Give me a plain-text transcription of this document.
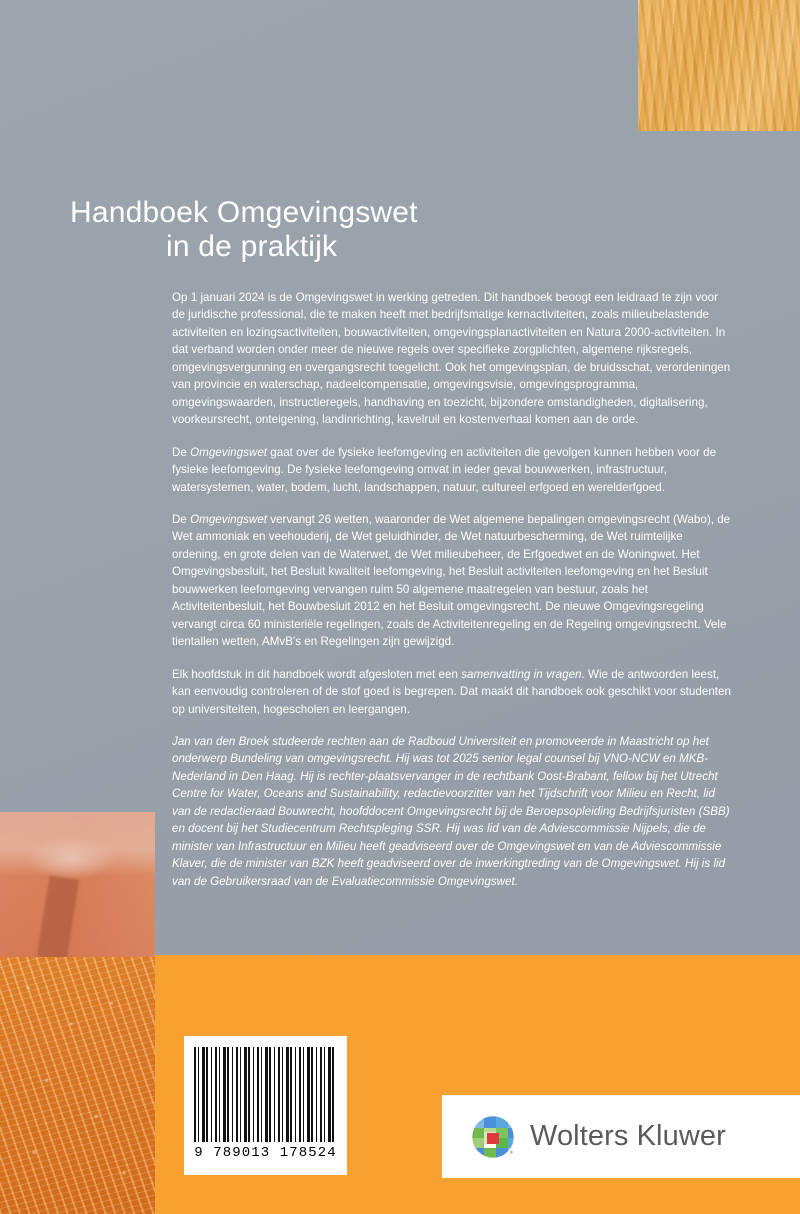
Handboek Omgevingswet
in de praktijk

Op 1 januari 2024 is de Omgevingswet in werking getreden. Dit handboek beoogt een leidraad te zijn voor de juridische professional, die te maken heeft met bedrijfsmatige kernactiviteiten, zoals milieubelastende activiteiten en lozingsactiviteiten, bouwactiviteiten, omgevingsplanactiviteiten en Natura 2000-activiteiten. In dat verband worden onder meer de nieuwe regels over specifieke zorgplichten, algemene rijksregels, omgevingsvergunning en overgangsrecht toegelicht. Ook het omgevingsplan, de bruidsschat, verordeningen van provincie en waterschap, nadeelcompensatie, omgevingsvisie, omgevingsprogramma, omgevingswaarden, instructieregels, handhaving en toezicht, bijzondere omstandigheden, digitalisering, voorkeursrecht, onteigening, landinrichting, kavelruil en kostenverhaal komen aan de orde.

De Omgevingswet gaat over de fysieke leefomgeving en activiteiten die gevolgen kunnen hebben voor de fysieke leefomgeving. De fysieke leefomgeving omvat in ieder geval bouwwerken, infrastructuur, watersystemen, water, bodem, lucht, landschappen, natuur, cultureel erfgoed en werelderfgoed.

De Omgevingswet vervangt 26 wetten, waaronder de Wet algemene bepalingen omgevingsrecht (Wabo), de Wet ammoniak en veehouderij, de Wet geluidhinder, de Wet natuurbescherming, de Wet ruimtelijke ordening, en grote delen van de Waterwet, de Wet milieubeheer, de Erfgoedwet en de Woningwet. Het Omgevingsbesluit, het Besluit kwaliteit leefomgeving, het Besluit activiteiten leefomgeving en het Besluit bouwwerken leefomgeving vervangen ruim 50 algemene maatregelen van bestuur, zoals het Activiteitenbesluit, het Bouwbesluit 2012 en het Besluit omgevingsrecht. De nieuwe Omgevingsregeling vervangt circa 60 ministeriële regelingen, zoals de Activiteitenregeling en de Regeling omgevingsrecht. Vele tientallen wetten, AMvB's en Regelingen zijn gewijzigd.

Elk hoofdstuk in dit handboek wordt afgesloten met een samenvatting in vragen. Wie de antwoorden leest, kan eenvoudig controleren of de stof goed is begrepen. Dat maakt dit handboek ook geschikt voor studenten op universiteiten, hogescholen en leergangen.

Jan van den Broek studeerde rechten aan de Radboud Universiteit en promoveerde in Maastricht op het onderwerp Bundeling van omgevingsrecht. Hij was tot 2025 senior legal counsel bij VNO-NCW en MKB-Nederland in Den Haag. Hij is rechter-plaatsvervanger in de rechtbank Oost-Brabant, fellow bij het Utrecht Centre for Water, Oceans and Sustainability, redactievoorzitter van het Tijdschrift voor Milieu en Recht, lid van de redactieraad Bouwrecht, hoofddocent Omgevingsrecht bij de Beroepsopleiding Bedrijfsjuristen (SBB) en docent bij het Studiecentrum Rechtspleging SSR. Hij was lid van de Adviescommissie Nijpels, die de minister van Infrastructuur en Milieu heeft geadviseerd over de Omgevingswet en van de Adviescommissie Klaver, die de minister van BZK heeft geadviseerd over de inwerkingtreding van de Omgevingswet. Hij is lid van de Gebruikersraad van de Evaluatiecommissie Omgevingswet.

9 789013 178524	®
Wolters Kluwer
